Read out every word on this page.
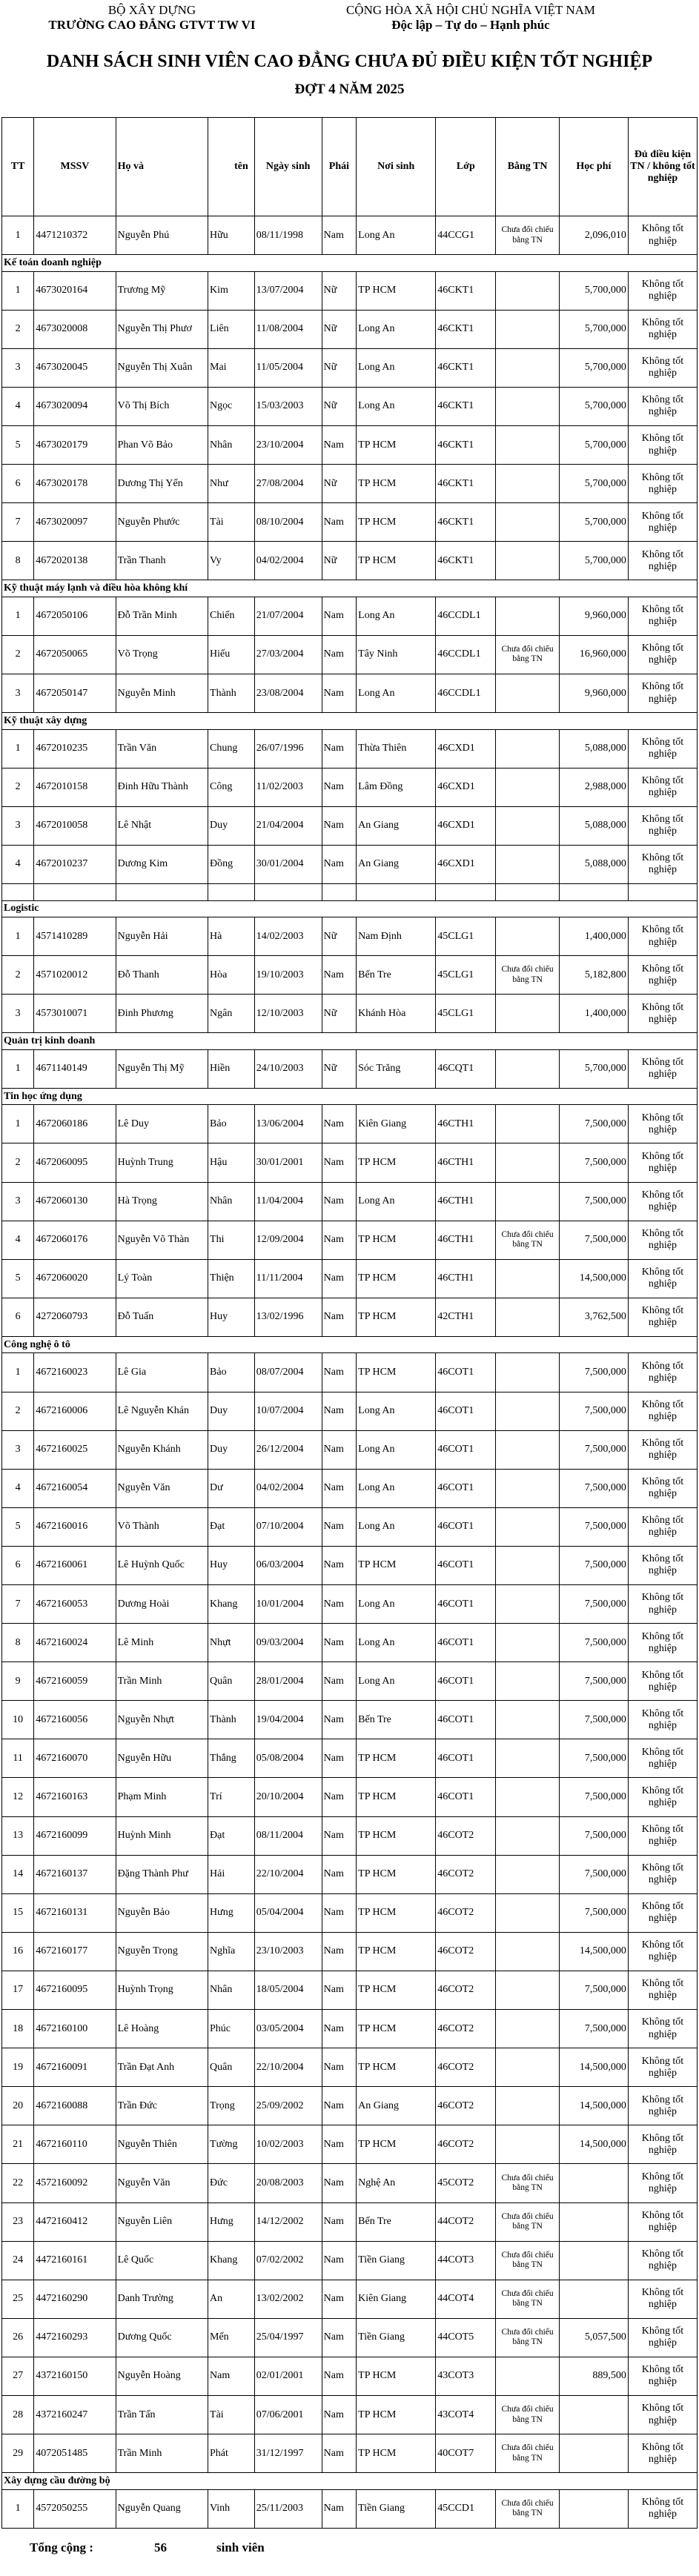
BỘ XÂY DỰNG
TRƯỜNG CAO ĐẲNG GTVT TW VI
CỘNG HÒA XÃ HỘI CHỦ NGHĨA VIỆT NAM
Độc lập – Tự do – Hạnh phúc
DANH SÁCH SINH VIÊN CAO ĐẲNG CHƯA ĐỦ ĐIỀU KIỆN TỐT NGHIỆP
ĐỢT 4 NĂM 2025
TT	MSSV	Họ và	tên	Ngày sinh	Phái	Nơi sinh	Lớp	Bằng TN	Học phí	Đủ điều kiện TN / không tốt nghiệp
1	4471210372	Nguyễn Phú	Hữu	08/11/1998	Nam	Long An	44CCG1	Chưa đổi chiếu bằng TN	2,096,010	Không tốt nghiệp
Kế toán doanh nghiệp										
1	4673020164	Trương Mỹ	Kim	13/07/2004	Nữ	TP HCM	46CKT1		5,700,000	Không tốt nghiệp
2	4673020008	Nguyễn Thị Phươ	Liên	11/08/2004	Nữ	Long An	46CKT1		5,700,000	Không tốt nghiệp
3	4673020045	Nguyễn Thị Xuân	Mai	11/05/2004	Nữ	Long An	46CKT1		5,700,000	Không tốt nghiệp
4	4673020094	Võ Thị Bích	Ngọc	15/03/2003	Nữ	Long An	46CKT1		5,700,000	Không tốt nghiệp
5	4673020179	Phan Võ Bảo	Nhân	23/10/2004	Nam	TP HCM	46CKT1		5,700,000	Không tốt nghiệp
6	4673020178	Dương Thị Yến	Như	27/08/2004	Nữ	TP HCM	46CKT1		5,700,000	Không tốt nghiệp
7	4673020097	Nguyễn Phước	Tài	08/10/2004	Nam	TP HCM	46CKT1		5,700,000	Không tốt nghiệp
8	4672020138	Trần Thanh	Vy	04/02/2004	Nữ	TP HCM	46CKT1		5,700,000	Không tốt nghiệp
Kỹ thuật máy lạnh và điều hòa không khí										
1	4672050106	Đỗ Trần Minh	Chiến	21/07/2004	Nam	Long An	46CCDL1		9,960,000	Không tốt nghiệp
2	4672050065	Võ Trọng	Hiếu	27/03/2004	Nam	Tây Ninh	46CCDL1	Chưa đổi chiếu bằng TN	16,960,000	Không tốt nghiệp
3	4672050147	Nguyễn Minh	Thành	23/08/2004	Nam	Long An	46CCDL1		9,960,000	Không tốt nghiệp
Kỹ thuật xây dựng										
1	4672010235	Trần Văn	Chung	26/07/1996	Nam	Thừa Thiên	46CXD1		5,088,000	Không tốt nghiệp
2	4672010158	Đinh Hữu Thành	Công	11/02/2003	Nam	Lâm Đồng	46CXD1		2,988,000	Không tốt nghiệp
3	4672010058	Lê Nhật	Duy	21/04/2004	Nam	An Giang	46CXD1		5,088,000	Không tốt nghiệp
4	4672010237	Dương Kim	Đồng	30/01/2004	Nam	An Giang	46CXD1		5,088,000	Không tốt nghiệp

Logistic										
1	4571410289	Nguyễn Hải	Hà	14/02/2003	Nữ	Nam Định	45CLG1		1,400,000	Không tốt nghiệp
2	4571020012	Đỗ Thanh	Hòa	19/10/2003	Nam	Bến Tre	45CLG1	Chưa đổi chiếu bằng TN	5,182,800	Không tốt nghiệp
3	4573010071	Đinh Phương	Ngân	12/10/2003	Nữ	Khánh Hòa	45CLG1		1,400,000	Không tốt nghiệp
Quản trị kinh doanh										
1	4671140149	Nguyễn Thị Mỹ	Hiền	24/10/2003	Nữ	Sóc Trăng	46CQT1		5,700,000	Không tốt nghiệp
Tin học ứng dụng										
1	4672060186	Lê Duy	Bảo	13/06/2004	Nam	Kiên Giang	46CTH1		7,500,000	Không tốt nghiệp
2	4672060095	Huỳnh Trung	Hậu	30/01/2001	Nam	TP HCM	46CTH1		7,500,000	Không tốt nghiệp
3	4672060130	Hà Trọng	Nhân	11/04/2004	Nam	Long An	46CTH1		7,500,000	Không tốt nghiệp
4	4672060176	Nguyễn Võ Thàn	Thi	12/09/2004	Nam	TP HCM	46CTH1	Chưa đổi chiếu bằng TN	7,500,000	Không tốt nghiệp
5	4672060020	Lý Toàn	Thiện	11/11/2004	Nam	TP HCM	46CTH1		14,500,000	Không tốt nghiệp
6	4272060793	Đỗ Tuấn	Huy	13/02/1996	Nam	TP HCM	42CTH1		3,762,500	Không tốt nghiệp
Công nghệ ô tô										
1	4672160023	Lê Gia	Bảo	08/07/2004	Nam	TP HCM	46COT1		7,500,000	Không tốt nghiệp
2	4672160006	Lê Nguyễn Khán	Duy	10/07/2004	Nam	Long An	46COT1		7,500,000	Không tốt nghiệp
3	4672160025	Nguyễn Khánh	Duy	26/12/2004	Nam	Long An	46COT1		7,500,000	Không tốt nghiệp
4	4672160054	Nguyễn Văn	Dư	04/02/2004	Nam	Long An	46COT1		7,500,000	Không tốt nghiệp
5	4672160016	Võ Thành	Đạt	07/10/2004	Nam	Long An	46COT1		7,500,000	Không tốt nghiệp
6	4672160061	Lê Huỳnh Quốc	Huy	06/03/2004	Nam	TP HCM	46COT1		7,500,000	Không tốt nghiệp
7	4672160053	Dương Hoài	Khang	10/01/2004	Nam	Long An	46COT1		7,500,000	Không tốt nghiệp
8	4672160024	Lê Minh	Nhựt	09/03/2004	Nam	Long An	46COT1		7,500,000	Không tốt nghiệp
9	4672160059	Trần Minh	Quân	28/01/2004	Nam	Long An	46COT1		7,500,000	Không tốt nghiệp
10	4672160056	Nguyễn Nhựt	Thành	19/04/2004	Nam	Bến Tre	46COT1		7,500,000	Không tốt nghiệp
11	4672160070	Nguyễn Hữu	Thắng	05/08/2004	Nam	TP HCM	46COT1		7,500,000	Không tốt nghiệp
12	4672160163	Phạm Minh	Trí	20/10/2004	Nam	TP HCM	46COT1		7,500,000	Không tốt nghiệp
13	4672160099	Huỳnh Minh	Đạt	08/11/2004	Nam	TP HCM	46COT2		7,500,000	Không tốt nghiệp
14	4672160137	Đặng Thành Phư	Hải	22/10/2004	Nam	TP HCM	46COT2		7,500,000	Không tốt nghiệp
15	4672160131	Nguyễn Bảo	Hưng	05/04/2004	Nam	TP HCM	46COT2		7,500,000	Không tốt nghiệp
16	4672160177	Nguyễn Trọng	Nghĩa	23/10/2003	Nam	TP HCM	46COT2		14,500,000	Không tốt nghiệp
17	4672160095	Huỳnh Trọng	Nhân	18/05/2004	Nam	TP HCM	46COT2		7,500,000	Không tốt nghiệp
18	4672160100	Lê Hoàng	Phúc	03/05/2004	Nam	TP HCM	46COT2		7,500,000	Không tốt nghiệp
19	4672160091	Trần Đạt Anh	Quân	22/10/2004	Nam	TP HCM	46COT2		14,500,000	Không tốt nghiệp
20	4672160088	Trần Đức	Trọng	25/09/2002	Nam	An Giang	46COT2		14,500,000	Không tốt nghiệp
21	4672160110	Nguyễn Thiên	Tường	10/02/2003	Nam	TP HCM	46COT2		14,500,000	Không tốt nghiệp
22	4572160092	Nguyễn Văn	Đức	20/08/2003	Nam	Nghệ An	45COT2	Chưa đổi chiếu bằng TN		Không tốt nghiệp
23	4472160412	Nguyễn Liên	Hưng	14/12/2002	Nam	Bến Tre	44COT2	Chưa đổi chiếu bằng TN		Không tốt nghiệp
24	4472160161	Lê Quốc	Khang	07/02/2002	Nam	Tiền Giang	44COT3	Chưa đổi chiếu bằng TN		Không tốt nghiệp
25	4472160290	Danh Trường	An	13/02/2002	Nam	Kiên Giang	44COT4	Chưa đổi chiếu bằng TN		Không tốt nghiệp
26	4472160293	Dương Quốc	Mến	25/04/1997	Nam	Tiền Giang	44COT5	Chưa đổi chiếu bằng TN	5,057,500	Không tốt nghiệp
27	4372160150	Nguyễn Hoàng	Nam	02/01/2001	Nam	TP HCM	43COT3		889,500	Không tốt nghiệp
28	4372160247	Trần Tấn	Tài	07/06/2001	Nam	TP HCM	43COT4	Chưa đổi chiếu bằng TN		Không tốt nghiệp
29	4072051485	Trần Minh	Phát	31/12/1997	Nam	TP HCM	40COT7	Chưa đổi chiếu bằng TN		Không tốt nghiệp
Xây dựng cầu đường bộ										
1	4572050255	Nguyễn Quang	Vinh	25/11/2003	Nam	Tiền Giang	45CCD1	Chưa đổi chiếu bằng TN		Không tốt nghiệp
Tổng cộng :	56	sinh viên
